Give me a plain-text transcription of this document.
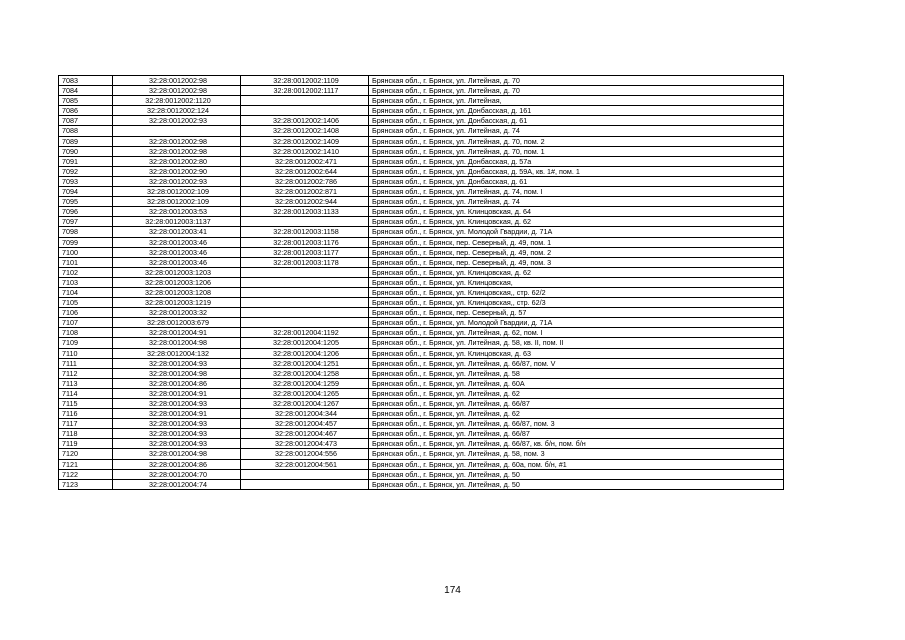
7083	32:28:0012002:98	32:28:0012002:1109	Брянская обл., г. Брянск, ул. Литейная, д. 70
7084	32:28:0012002:98	32:28:0012002:1117	Брянская обл., г. Брянск, ул. Литейная, д. 70
7085	32:28:0012002:1120		Брянская обл., г. Брянск, ул. Литейная,
7086	32:28:0012002:124		Брянская обл., г. Брянск, ул. Донбасская, д. 161
7087	32:28:0012002:93	32:28:0012002:1406	Брянская обл., г. Брянск, ул. Донбасская, д. 61
7088		32:28:0012002:1408	Брянская обл., г. Брянск, ул. Литейная, д. 74
7089	32:28:0012002:98	32:28:0012002:1409	Брянская обл., г. Брянск, ул. Литейная, д. 70, пом. 2
7090	32:28:0012002:98	32:28:0012002:1410	Брянская обл., г. Брянск, ул. Литейная, д. 70, пом. 1
7091	32:28:0012002:80	32:28:0012002:471	Брянская обл., г. Брянск, ул. Донбасская, д. 57а
7092	32:28:0012002:90	32:28:0012002:644	Брянская обл., г. Брянск, ул. Донбасская, д. 59А, кв. 1#, пом. 1
7093	32:28:0012002:93	32:28:0012002:786	Брянская обл., г. Брянск, ул. Донбасская, д. 61
7094	32:28:0012002:109	32:28:0012002:871	Брянская обл., г. Брянск, ул. Литейная, д. 74, пом. I
7095	32:28:0012002:109	32:28:0012002:944	Брянская обл., г. Брянск, ул. Литейная, д. 74
7096	32:28:0012003:53	32:28:0012003:1133	Брянская обл., г. Брянск, ул. Клинцовская, д. 64
7097	32:28:0012003:1137		Брянская обл., г. Брянск, ул. Клинцовская, д. 62
7098	32:28:0012003:41	32:28:0012003:1158	Брянская обл., г. Брянск, ул. Молодой Гвардии, д. 71А
7099	32:28:0012003:46	32:28:0012003:1176	Брянская обл., г. Брянск, пер. Северный, д. 49, пом. 1
7100	32:28:0012003:46	32:28:0012003:1177	Брянская обл., г. Брянск, пер. Северный, д. 49, пом. 2
7101	32:28:0012003:46	32:28:0012003:1178	Брянская обл., г. Брянск, пер. Северный, д. 49, пом. 3
7102	32:28:0012003:1203		Брянская обл., г. Брянск, ул. Клинцовская, д. 62
7103	32:28:0012003:1206		Брянская обл., г. Брянск, ул. Клинцовская,
7104	32:28:0012003:1208		Брянская обл., г. Брянск, ул. Клинцовская,, стр. 62/2
7105	32:28:0012003:1219		Брянская обл., г. Брянск, ул. Клинцовская,, стр. 62/3
7106	32:28:0012003:32		Брянская обл., г. Брянск, пер. Северный, д. 57
7107	32:28:0012003:679		Брянская обл., г. Брянск, ул. Молодой Гвардии, д. 71А
7108	32:28:0012004:91	32:28:0012004:1192	Брянская обл., г. Брянск, ул. Литейная, д. 62, пом. I
7109	32:28:0012004:98	32:28:0012004:1205	Брянская обл., г. Брянск, ул. Литейная, д. 58, кв. II, пом. II
7110	32:28:0012004:132	32:28:0012004:1206	Брянская обл., г. Брянск, ул. Клинцовская, д. 63
7111	32:28:0012004:93	32:28:0012004:1251	Брянская обл., г. Брянск, ул. Литейная, д. 66/87, пом. V
7112	32:28:0012004:98	32:28:0012004:1258	Брянская обл., г. Брянск, ул. Литейная, д. 58
7113	32:28:0012004:86	32:28:0012004:1259	Брянская обл., г. Брянск, ул. Литейная, д. 60А
7114	32:28:0012004:91	32:28:0012004:1265	Брянская обл., г. Брянск, ул. Литейная, д. 62
7115	32:28:0012004:93	32:28:0012004:1267	Брянская обл., г. Брянск, ул. Литейная, д. 66/87
7116	32:28:0012004:91	32:28:0012004:344	Брянская обл., г. Брянск, ул. Литейная, д. 62
7117	32:28:0012004:93	32:28:0012004:457	Брянская обл., г. Брянск, ул. Литейная, д. 66/87, пом. 3
7118	32:28:0012004:93	32:28:0012004:467	Брянская обл., г. Брянск, ул. Литейная, д. 66/87
7119	32:28:0012004:93	32:28:0012004:473	Брянская обл., г. Брянск, ул. Литейная, д. 66/87, кв. б/н, пом. б/н
7120	32:28:0012004:98	32:28:0012004:556	Брянская обл., г. Брянск, ул. Литейная, д. 58, пом. 3
7121	32:28:0012004:86	32:28:0012004:561	Брянская обл., г. Брянск, ул. Литейная, д. 60а, пом. б/н, #1
7122	32:28:0012004:70		Брянская обл., г. Брянск, ул. Литейная, д. 50
7123	32:28:0012004:74		Брянская обл., г. Брянск, ул. Литейная, д. 50
174
